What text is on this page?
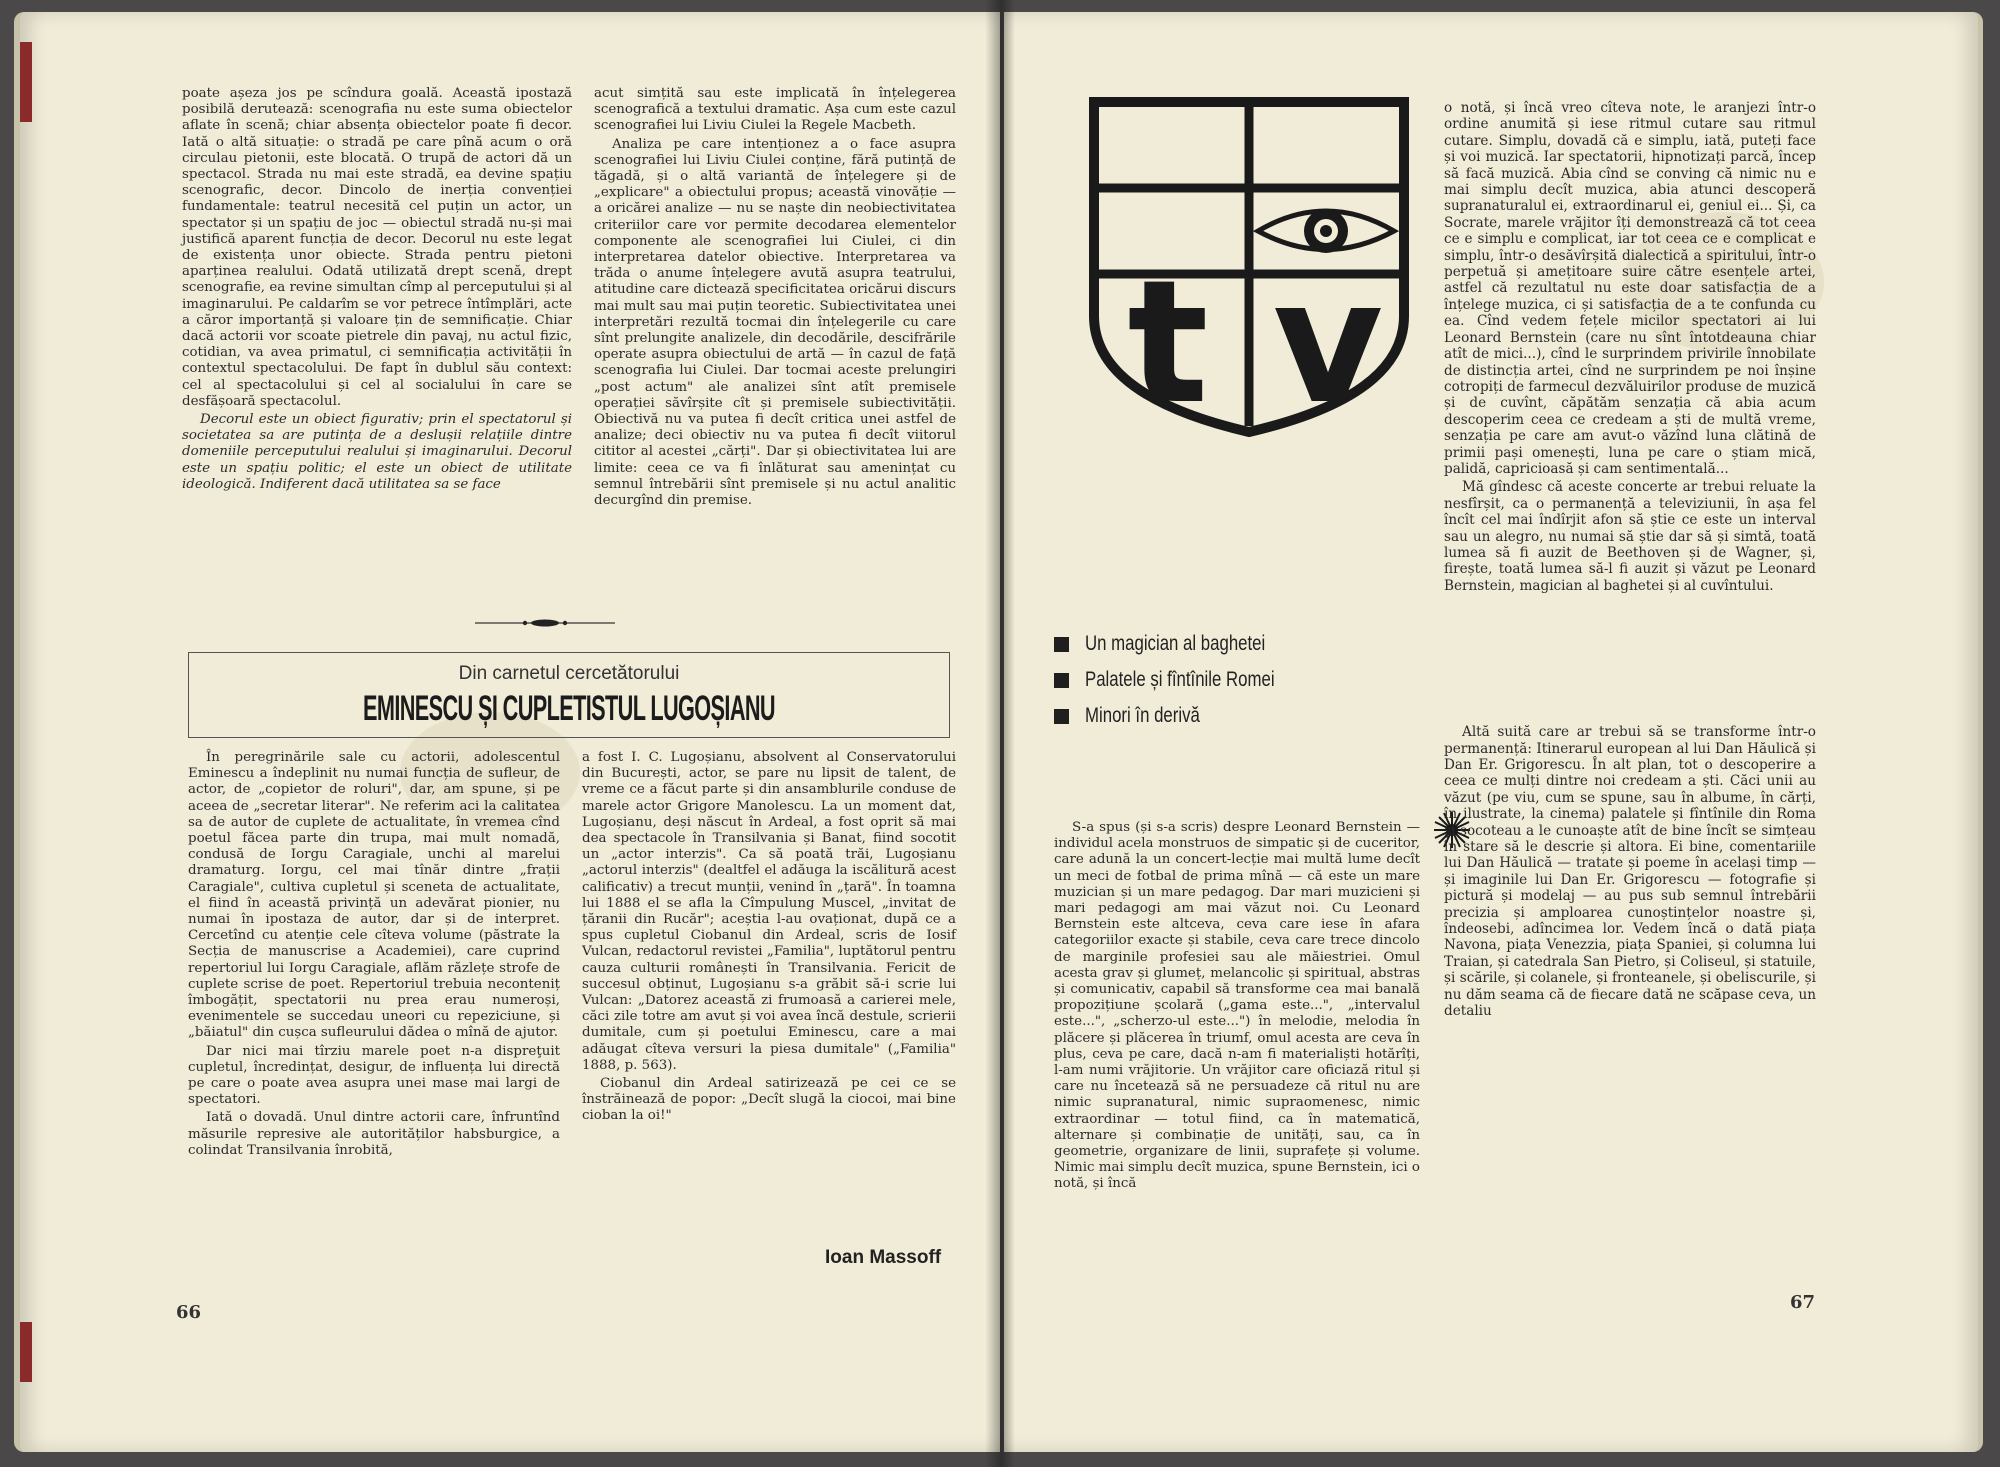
poate așeza jos pe scîndura goală. Această ipostază posibilă derutează: scenografia nu este suma obiectelor aflate în scenă; chiar absența obiectelor poate fi decor. Iată o altă situație: o stradă pe care pînă acum o oră circulau pietonii, este blocată. O trupă de actori dă un spectacol. Strada nu mai este stradă, ea devine spațiu scenografic, decor. Dincolo de inerția convenției fundamentale: teatrul necesită cel puțin un actor, un spectator și un spațiu de joc — obiectul stradă nu-și mai justifică aparent funcția de decor. Decorul nu este legat de existența unor obiecte. Strada pentru pietoni aparținea realului. Odată utilizată drept scenă, drept scenografie, ea revine simultan cîmp al perceputului și al imaginarului. Pe caldarîm se vor petrece întîmplări, acte a căror importanță și valoare țin de semnificație. Chiar dacă actorii vor scoate pietrele din pavaj, nu actul fizic, cotidian, va avea primatul, ci semnificația activității în contextul spectacolului. De fapt în dublul său context: cel al spectacolului și cel al socialului în care se desfășoară spectacolul.

Decorul este un obiect figurativ; prin el spectatorul și societatea sa are putința de a deslușii relațiile dintre domeniile perceputului realului și imaginarului. Decorul este un spațiu politic; el este un obiect de utilitate ideologică. Indiferent dacă utilitatea sa se face

acut simțită sau este implicată în înțelegerea scenografică a textului dramatic. Așa cum este cazul scenografiei lui Liviu Ciulei la Regele Macbeth.

Analiza pe care intenționez a o face asupra scenografiei lui Liviu Ciulei conține, fără putință de tăgadă, și o altă variantă de înțelegere și de „explicare" a obiectului propus; această vinovăție — a oricărei analize — nu se naște din neobiectivitatea criteriilor care vor permite decodarea elementelor componente ale scenografiei lui Ciulei, ci din interpretarea datelor obiective. Interpretarea va trăda o anume înțelegere avută asupra teatrului, atitudine care dictează specificitatea oricărui discurs mai mult sau mai puțin teoretic. Subiectivitatea unei interpretări rezultă tocmai din înțelegerile cu care sînt prelungite analizele, din decodările, descifrările operate asupra obiectului de artă — în cazul de față scenografia lui Ciulei. Dar tocmai aceste prelungiri „post actum" ale analizei sînt atît premisele operației săvîrșite cît și premisele subiectivității. Obiectivă nu va putea fi decît critica unei astfel de analize; deci obiectiv nu va putea fi decît viitorul cititor al acestei „cărți". Dar și obiectivitatea lui are limite: ceea ce va fi înlăturat sau amenințat cu semnul întrebării sînt premisele și nu actul analitic decurgînd din premise.

Din carnetul cercetătorului
EMINESCU ȘI CUPLETISTUL LUGOȘIANU

În peregrinările sale cu actorii, adolescentul Eminescu a îndeplinit nu numai funcția de sufleur, de actor, de „copietor de roluri", dar, am spune, și pe aceea de „secretar literar". Ne referim aci la calitatea sa de autor de cuplete de actualitate, în vremea cînd poetul făcea parte din trupa, mai mult nomadă, condusă de Iorgu Caragiale, unchi al marelui dramaturg. Iorgu, cel mai tînăr dintre „frații Caragiale", cultiva cupletul și sceneta de actualitate, el fiind în această privință un adevărat pionier, nu numai în ipostaza de autor, dar și de interpret. Cercetînd cu atenție cele cîteva volume (păstrate la Secția de manuscrise a Academiei), care cuprind repertoriul lui Iorgu Caragiale, aflăm răzlețe strofe de cuplete scrise de poet. Repertoriul trebuia neconteniț îmbogățit, spectatorii nu prea erau numeroși, evenimentele se succedau uneori cu repeziciune, și „băiatul" din cușca sufleurului dădea o mînă de ajutor.

Dar nici mai tîrziu marele poet n-a dispreţuit cupletul, încredințat, desigur, de influența lui directă pe care o poate avea asupra unei mase mai largi de spectatori.

Iată o dovadă. Unul dintre actorii care, înfruntînd măsurile represive ale autorităților habsburgice, a colindat Transilvania înrobită,

a fost I. C. Lugoșianu, absolvent al Conservatorului din București, actor, se pare nu lipsit de talent, de vreme ce a făcut parte și din ansamblurile conduse de marele actor Grigore Manolescu. La un moment dat, Lugoșianu, deși născut în Ardeal, a fost oprit să mai dea spectacole în Transilvania și Banat, fiind socotit un „actor interzis". Ca să poată trăi, Lugoșianu „actorul interzis" (dealtfel el adăuga la iscălitură acest calificativ) a trecut munții, venind în „țară". În toamna lui 1888 el se afla la Cîmpulung Muscel, „invitat de țăranii din Rucăr"; aceștia l-au ovaționat, după ce a spus cupletul Ciobanul din Ardeal, scris de Iosif Vulcan, redactorul revistei „Familia", luptătorul pentru cauza culturii românești în Transilvania. Fericit de succesul obținut, Lugoșianu s-a grăbit să-i scrie lui Vulcan: „Datorez această zi frumoasă a carierei mele, căci zile totre am avut și voi avea încă destule, scrierii dumitale, cum și poetului Eminescu, care a mai adăugat cîteva versuri la piesa dumitale" („Familia" 1888, p. 563).

Ciobanul din Ardeal satirizează pe cei ce se înstrăinează de popor: „Decît slugă la ciocoi, mai bine cioban la oi!"

Ioan Massoff
66
t v
Un magician al baghetei
Palatele și fîntînile Romei
Minori în derivă

S-a spus (și s-a scris) despre Leonard Bernstein — individul acela monstruos de simpatic și de cuceritor, care adună la un concert-lecție mai multă lume decît un meci de fotbal de prima mînă — că este un mare muzician și un mare pedagog. Dar mari muzicieni și mari pedagogi am mai văzut noi. Cu Leonard Bernstein este altceva, ceva care iese în afara categoriilor exacte și stabile, ceva care trece dincolo de marginile profesiei sau ale măiestriei. Omul acesta grav și glumeț, melancolic și spiritual, abstras și comunicativ, capabil să transforme cea mai banală propozițiune școlară („gama este...", „intervalul este...", „scherzo-ul este...") în melodie, melodia în plăcere și plăcerea în triumf, omul acesta are ceva în plus, ceva pe care, dacă n-am fi materialiști hotărîți, l-am numi vrăjitorie. Un vrăjitor care oficiază ritul și care nu încetează să ne persuadeze că ritul nu are nimic supranatural, nimic supraomenesc, nimic extraordinar — totul fiind, ca în matematică, alternare și combinație de unități, sau, ca în geometrie, organizare de linii, suprafețe și volume. Nimic mai simplu decît muzica, spune Bernstein, ici o notă, și încă

o notă, și încă vreo cîteva note, le aranjezi într-o ordine anumită și iese ritmul cutare sau ritmul cutare. Simplu, dovadă că e simplu, iată, puteți face și voi muzică. Iar spectatorii, hipnotizați parcă, încep să facă muzică. Abia cînd se conving că nimic nu e mai simplu decît muzica, abia atunci descoperă supranaturalul ei, extraordinarul ei, geniul ei... Și, ca Socrate, marele vrăjitor îți demonstrează că tot ceea ce e simplu e complicat, iar tot ceea ce e complicat e simplu, într-o desăvîrșită dialectică a spiritului, într-o perpetuă și amețitoare suire către esențele artei, astfel că rezultatul nu este doar satisfacția de a înțelege muzica, ci și satisfacția de a te confunda cu ea. Cînd vedem fețele micilor spectatori ai lui Leonard Bernstein (care nu sînt întotdeauna chiar atît de mici...), cînd le surprindem privirile înnobilate de distincția artei, cînd ne surprindem pe noi înșine cotropiți de farmecul dezvăluirilor produse de muzică și de cuvînt, căpătăm senzația că abia acum descoperim ceea ce credeam a ști de multă vreme, senzația pe care am avut-o văzînd luna clătină de primii pași omenești, luna pe care o știam mică, palidă, capricioasă și cam sentimentală...

Mă gîndesc că aceste concerte ar trebui reluate la nesfîrșit, ca o permanență a televiziunii, în așa fel încît cel mai îndîrjit afon să știe ce este un interval sau un alegro, nu numai să știe dar să și simtă, toată lumea să fi auzit de Beethoven și de Wagner, și, firește, toată lumea să-l fi auzit și văzut pe Leonard Bernstein, magician al baghetei și al cuvîntului.

Altă suită care ar trebui să se transforme într-o permanență: Itinerarul european al lui Dan Hăulică și Dan Er. Grigorescu. În alt plan, tot o descoperire a ceea ce mulți dintre noi credeam a ști. Căci unii au văzut (pe viu, cum se spune, sau în albume, în cărți, în ilustrate, la cinema) palatele și fîntînile din Roma și socoteau a le cunoaște atît de bine încît se simțeau în stare să le descrie și altora. Ei bine, comentariile lui Dan Hăulică — tratate și poeme în același timp — și imaginile lui Dan Er. Grigorescu — fotografie și pictură și modelaj — au pus sub semnul întrebării precizia și amploarea cunoștințelor noastre și, îndeosebi, adîncimea lor. Vedem încă o dată piața Navona, piața Venezzia, piața Spaniei, și columna lui Traian, și catedrala San Pietro, și Coliseul, și statuile, și scările, și colanele, și fronteanele, și obeliscurile, și nu dăm seama că de fiecare dată ne scăpase ceva, un detaliu

67
